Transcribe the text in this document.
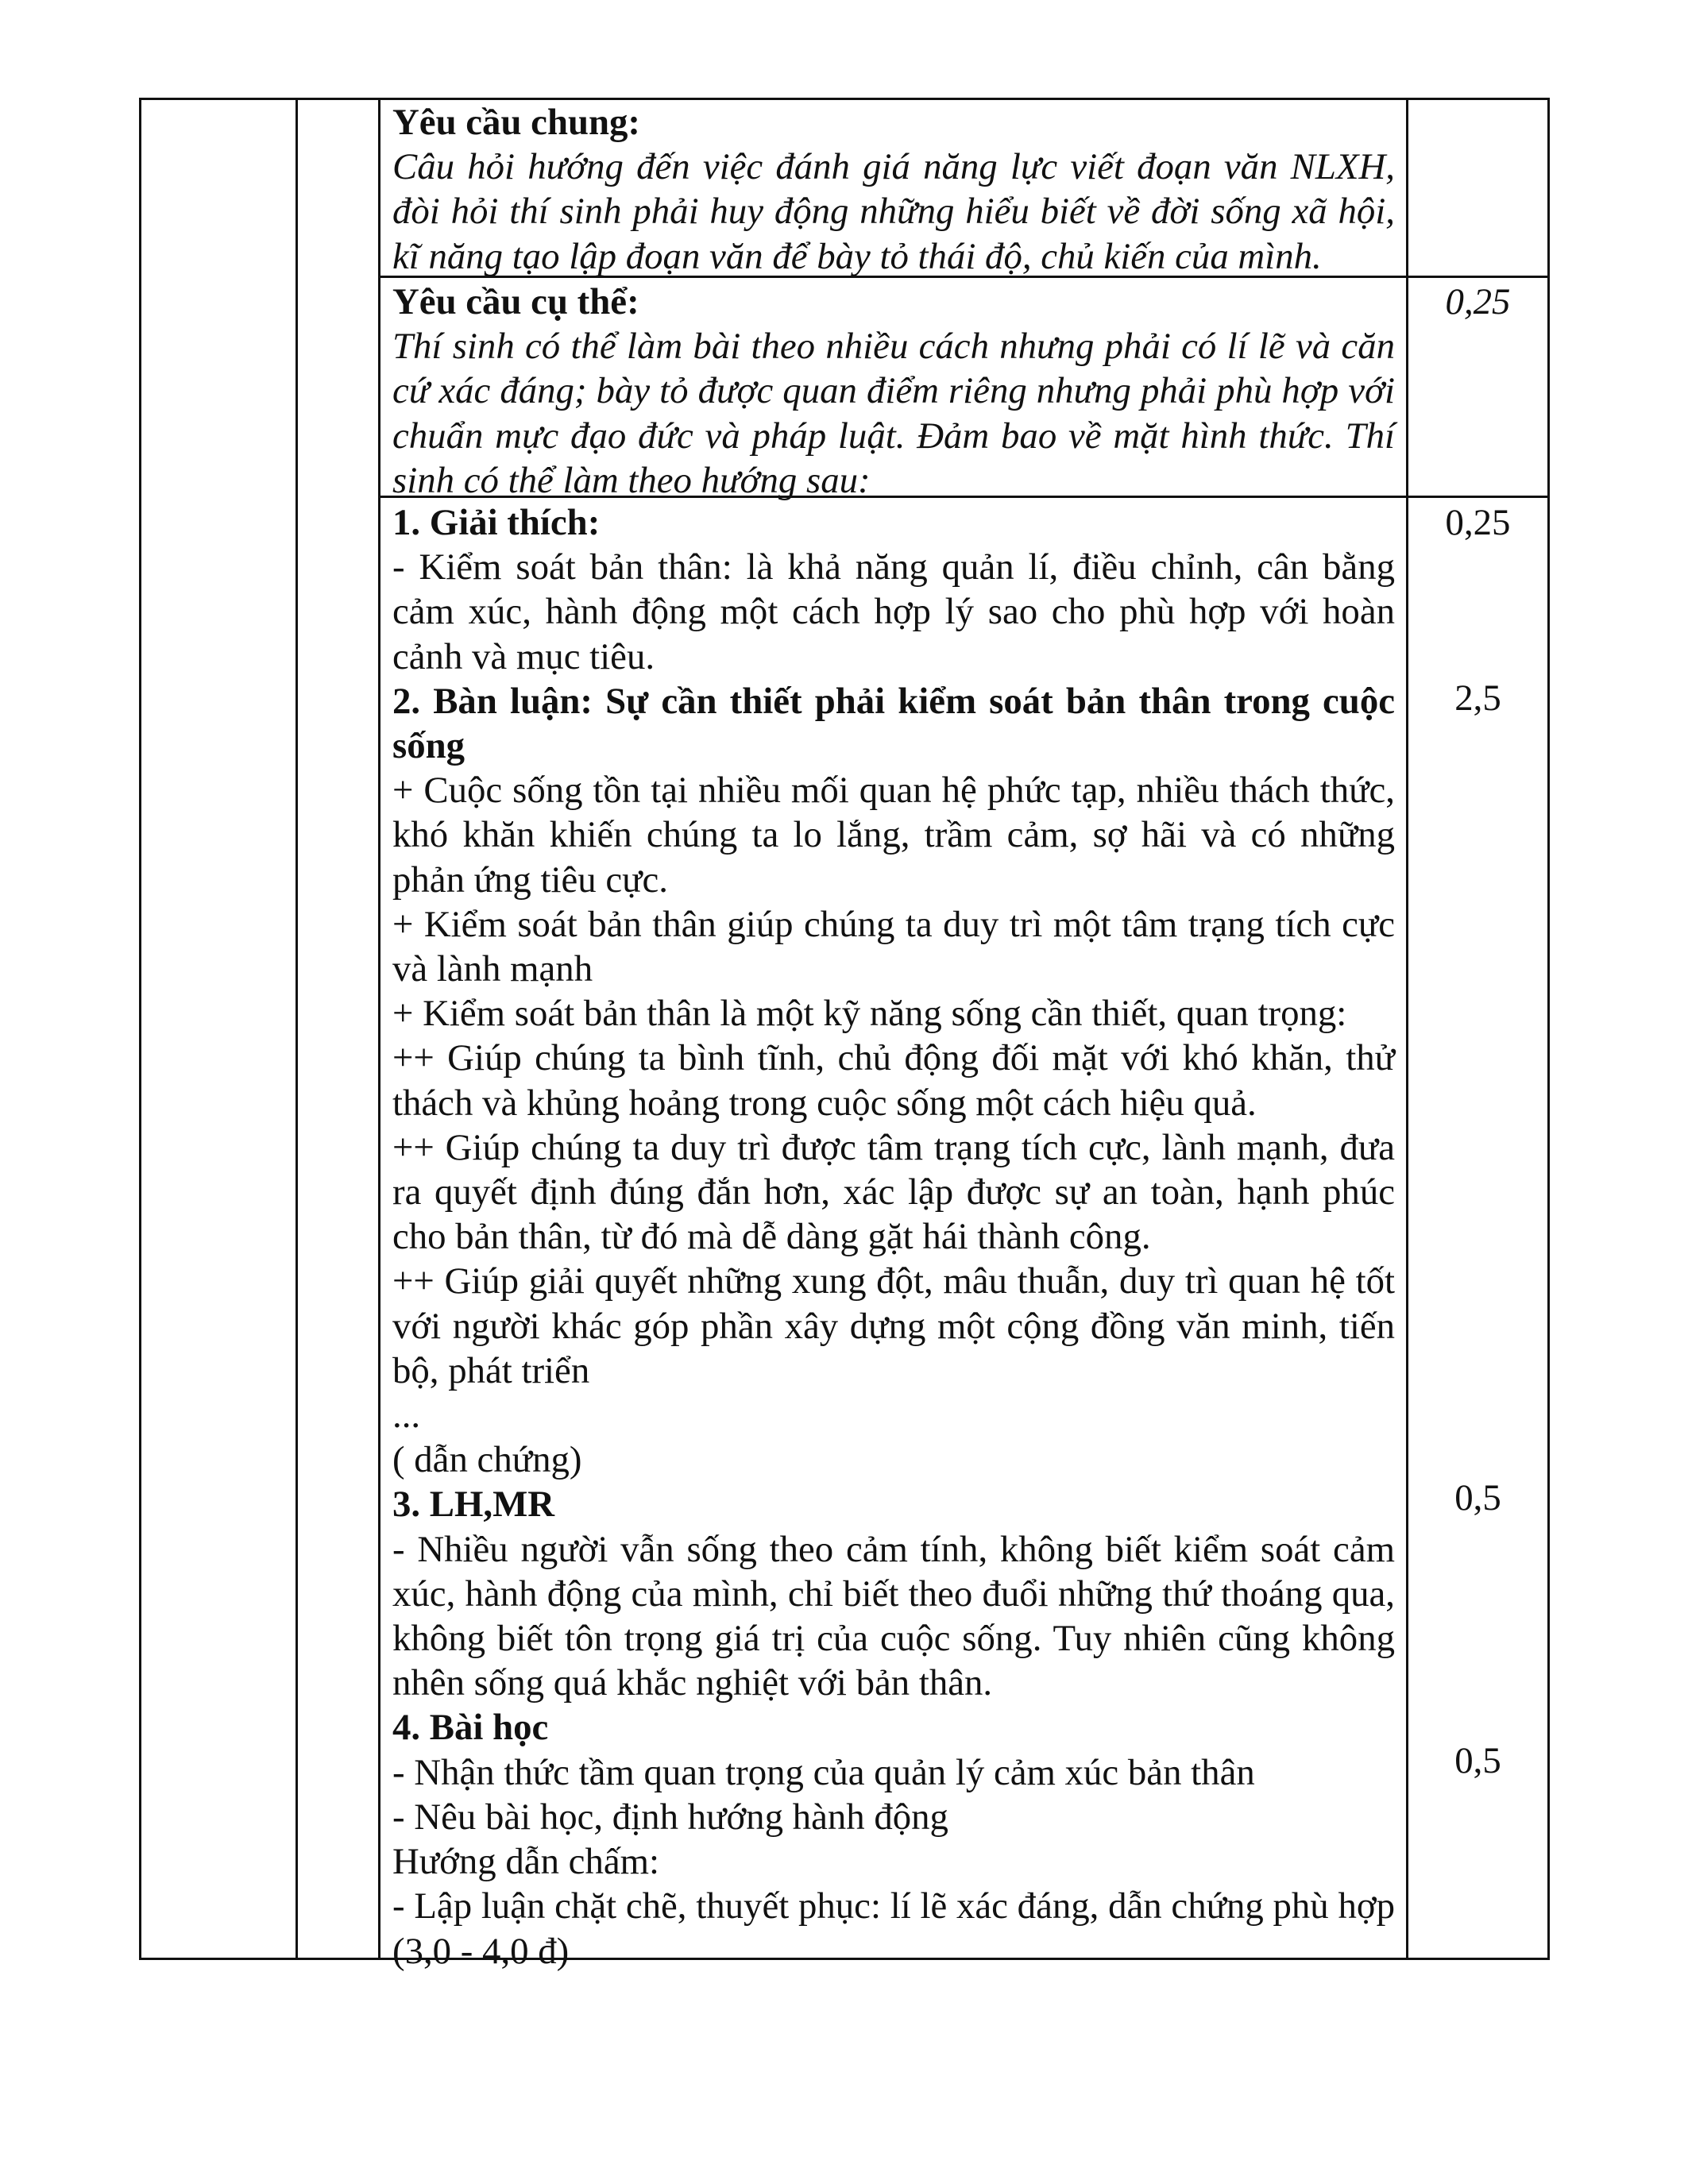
Yêu cầu chung:

Câu hỏi hướng đến việc đánh giá năng lực viết đoạn văn NLXH, đòi hỏi thí sinh phải huy động những hiểu biết về đời sống xã hội, kĩ năng tạo lập đoạn văn để bày tỏ thái độ, chủ kiến của mình.

Yêu cầu cụ thể:

Thí sinh có thể làm bài theo nhiều cách nhưng phải có lí lẽ và căn cứ xác đáng; bày tỏ được quan điểm riêng nhưng phải phù hợp với chuẩn mực đạo đức và pháp luật. Đảm bao về mặt hình thức. Thí sinh có thể làm theo hướng sau:

0,25

1. Giải thích:

- Kiểm soát bản thân: là khả năng quản lí, điều chỉnh, cân bằng cảm xúc, hành động một cách hợp lý sao cho phù hợp với hoàn cảnh và mục tiêu.

2. Bàn luận: Sự cần thiết phải kiểm soát bản thân trong cuộc sống

+ Cuộc sống tồn tại nhiều mối quan hệ phức tạp, nhiều thách thức, khó khăn khiến chúng ta lo lắng, trầm cảm, sợ hãi và có những phản ứng tiêu cực.

+ Kiểm soát bản thân giúp chúng ta duy trì một tâm trạng tích cực và lành mạnh

+ Kiểm soát bản thân là một kỹ năng sống cần thiết, quan trọng:

++ Giúp chúng ta bình tĩnh, chủ động đối mặt với khó khăn, thử thách và khủng hoảng trong cuộc sống một cách hiệu quả.

++ Giúp chúng ta duy trì được tâm trạng tích cực, lành mạnh, đưa ra quyết định đúng đắn hơn, xác lập được sự an toàn, hạnh phúc cho bản thân, từ đó mà dễ dàng gặt hái thành công.

++ Giúp giải quyết những xung đột, mâu thuẫn, duy trì quan hệ tốt với người khác góp phần xây dựng một cộng đồng văn minh, tiến bộ, phát triển

...

( dẫn chứng)

3. LH,MR

- Nhiều người vẫn sống theo cảm tính, không biết kiểm soát cảm xúc, hành động của mình, chỉ biết theo đuổi những thứ thoáng qua, không biết tôn trọng giá trị của cuộc sống. Tuy nhiên cũng không nhên sống quá khắc nghiệt với bản thân.

4. Bài học

- Nhận thức tầm quan trọng của quản lý cảm xúc bản thân

- Nêu bài học, định hướng hành động

Hướng dẫn chấm:

- Lập luận chặt chẽ, thuyết phục: lí lẽ xác đáng, dẫn chứng phù hợp (3,0 - 4,0 đ)

0,25
2,5
0,5
0,5
